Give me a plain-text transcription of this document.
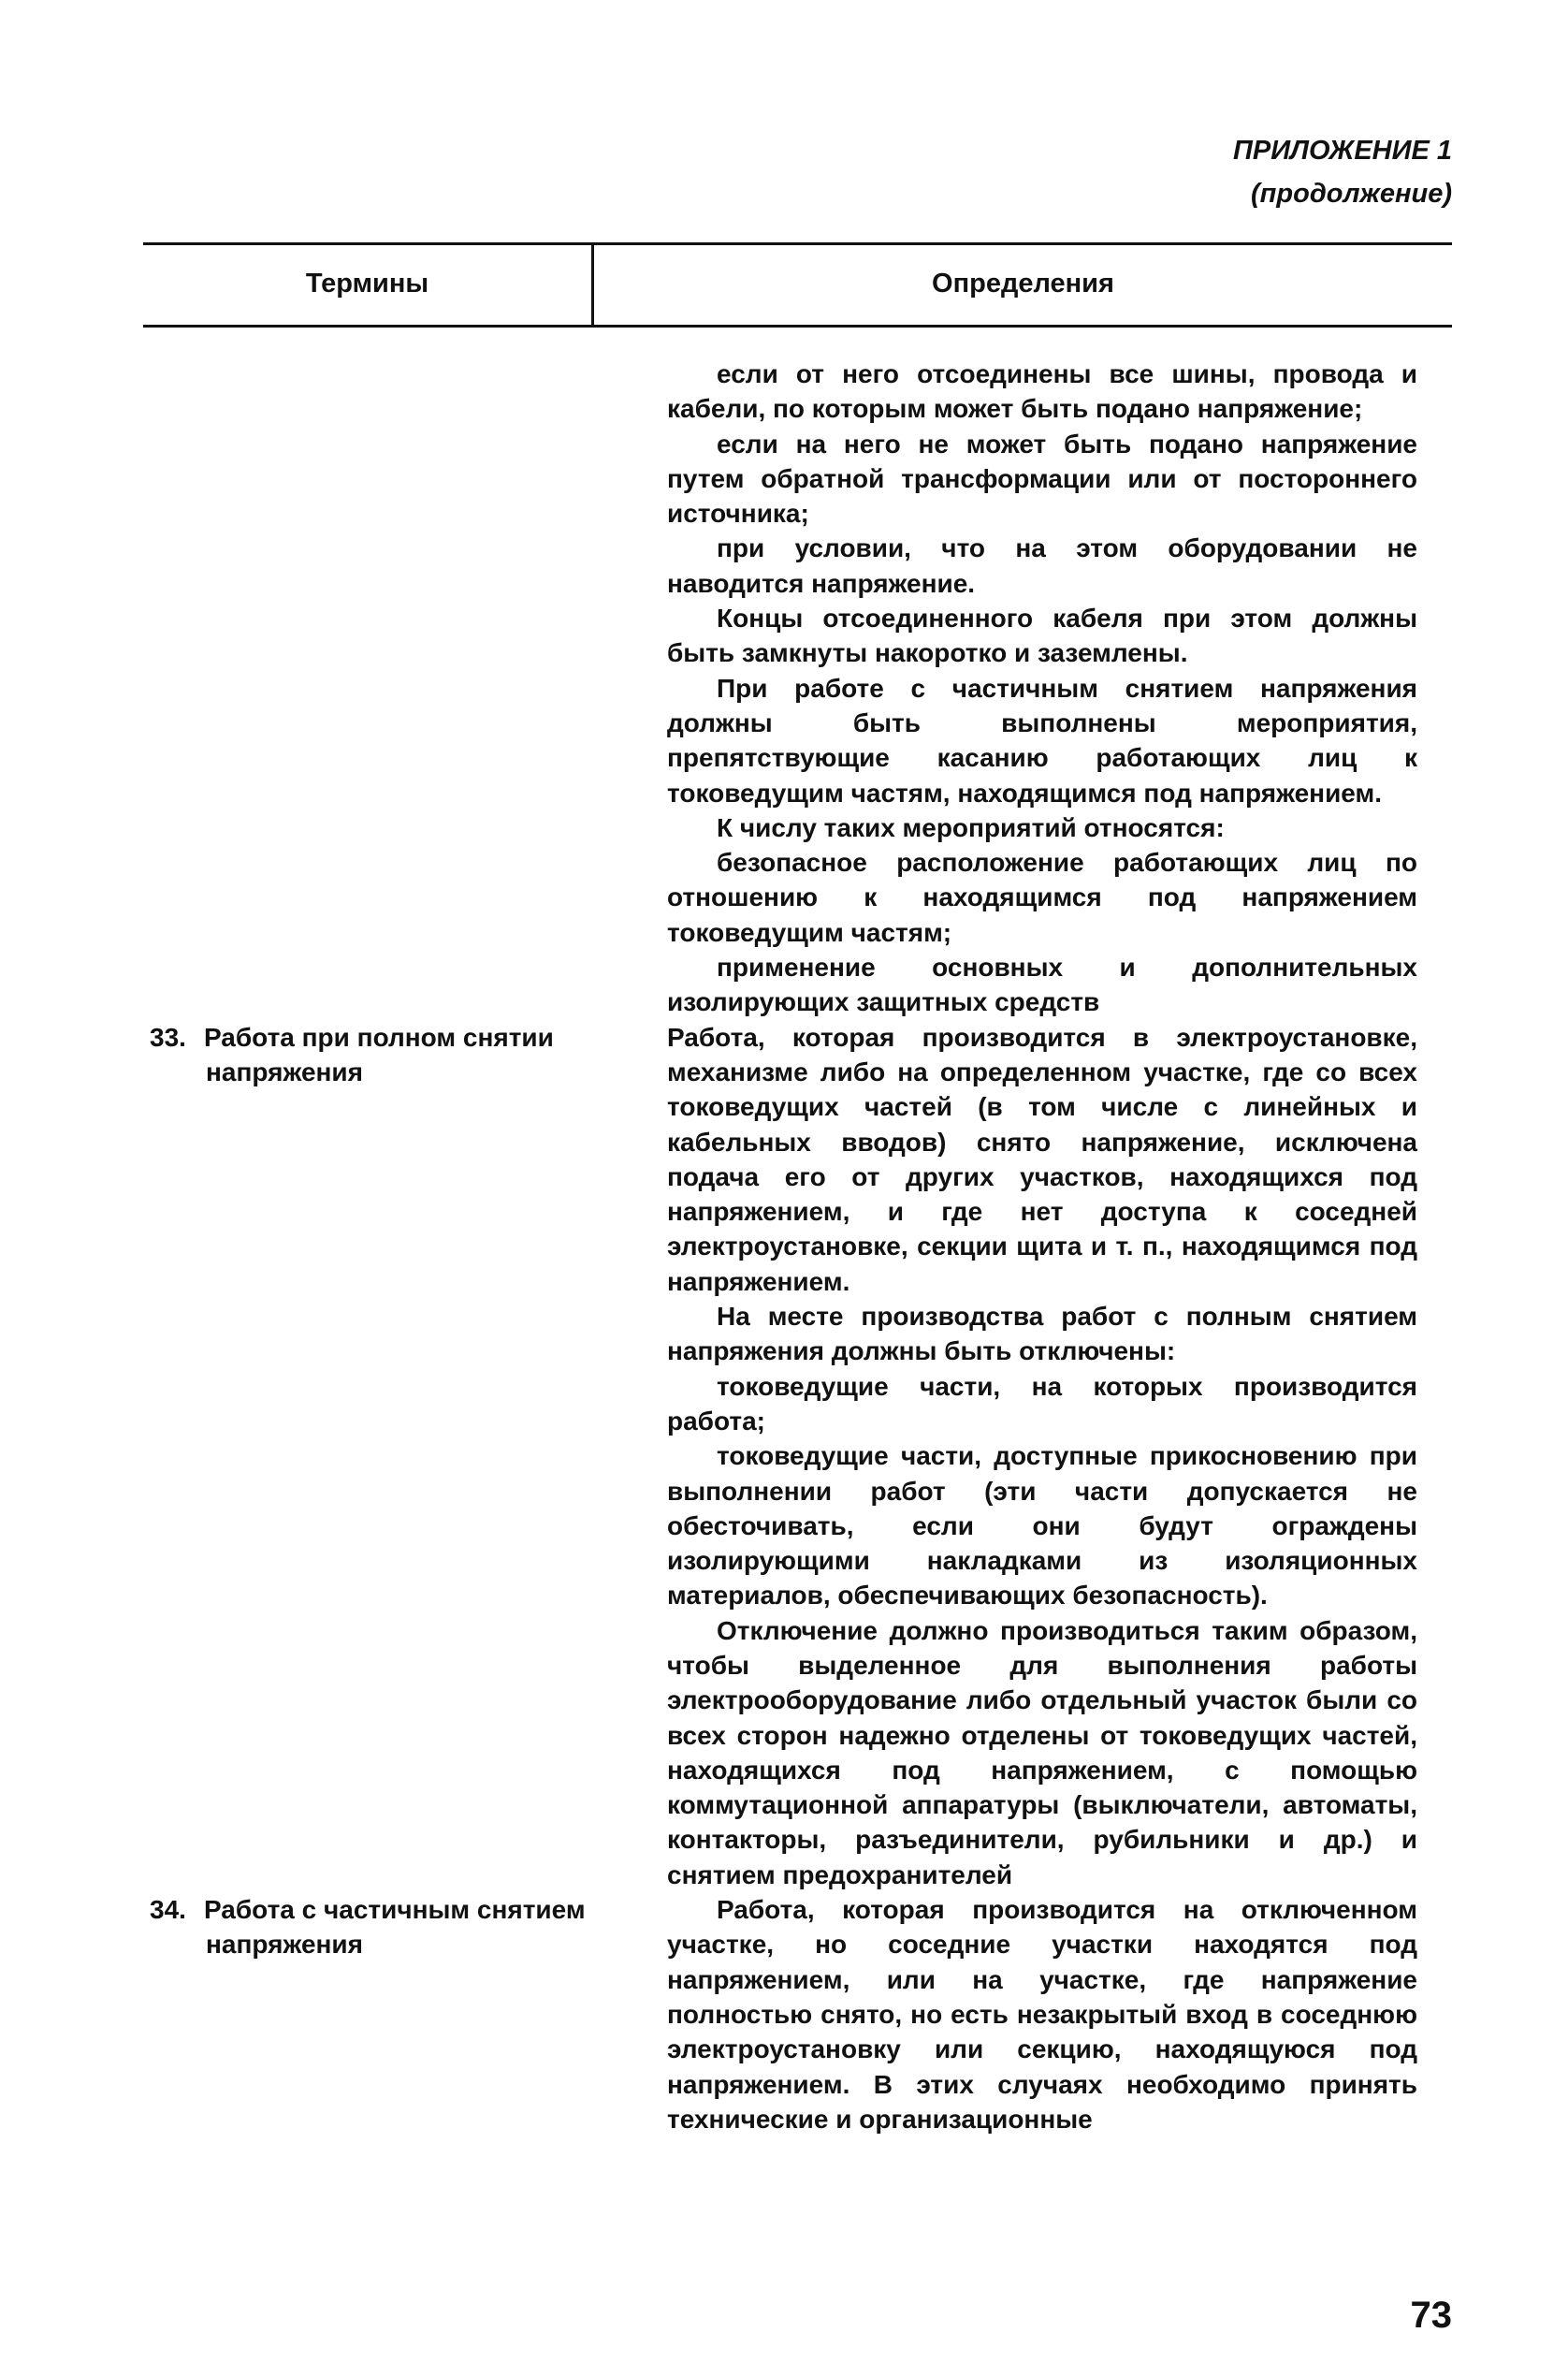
ПРИЛОЖЕНИЕ 1
(продолжение)
Термины	Определения

если от него отсоединены все шины, провода и кабели, по которым может быть подано напряжение;

если на него не может быть подано напряжение путем обратной трансформации или от постороннего источника;

при условии, что на этом оборудовании не наводится напряжение.

Концы отсоединенного кабеля при этом должны быть замкнуты накоротко и заземлены.

При работе с частичным снятием напряжения должны быть выполнены мероприятия, препятствующие касанию работающих лиц к токоведущим частям, находящимся под напряжением.

К числу таких мероприятий относятся:

безопасное расположение работающих лиц по отношению к находящимся под напряжением токоведущим частям;

применение основных и дополнительных изолирующих защитных средств

Работа, которая производится в электроустановке, механизме либо на определенном участке, где со всех токоведущих частей (в том числе с линейных и кабельных вводов) снято напряжение, исключена подача его от других участков, находящихся под напряжением, и где нет доступа к соседней электроустановке, секции щита и т. п., находящимся под напряжением.

На месте производства работ с полным снятием напряжения должны быть отключены:

токоведущие части, на которых производится работа;

токоведущие части, доступные прикосновению при выполнении работ (эти части допускается не обесточивать, если они будут ограждены изолирующими накладками из изоляционных материалов, обеспечивающих безопасность).

Отключение должно производиться таким образом, чтобы выделенное для выполнения работы электрооборудование либо отдельный участок были со всех сторон надежно отделены от токоведущих частей, находящихся под напряжением, с помощью коммутационной аппаратуры (выключатели, автоматы, контакторы, разъединители, рубильники и др.) и снятием предохранителей

Работа, которая производится на отключенном участке, но соседние участки находятся под напряжением, или на участке, где напряжение полностью снято, но есть незакрытый вход в соседнюю электроустановку или секцию, находящуюся под напряжением. В этих случаях необходимо принять технические и организационные

33. Работа при полном снятии
напряжения
34. Работа с частичным снятием
напряжения
73
